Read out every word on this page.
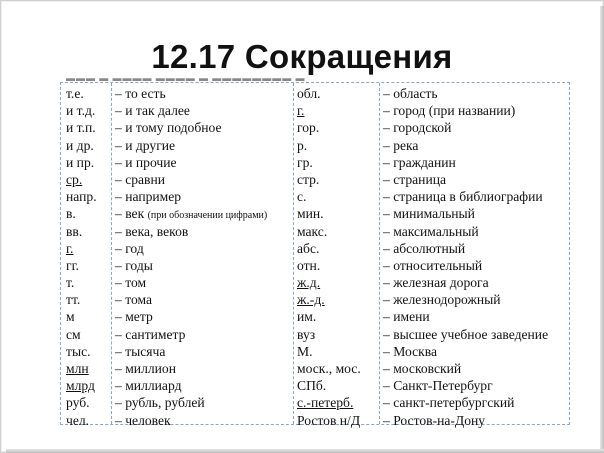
12.17 Сокращения
▬▬▬ ▬ ▬▬▬▬ ▬▬▬▬ ▬ ▬▬▬▬▬▬▬▬ ▬
т.е.
и т.д.
и т.п.
и др.
и пр.
ср.
напр.
в.
вв.
г.
гг.
т.
тт.
м
см
тыс.
млн
млрд
руб.
чел.
– то есть
– и так далее
– и тому подобное
– и другие
– и прочие
– сравни
– например
– век (при обозначении цифрами)
– века, веков
– год
– годы
– том
– тома
– метр
– сантиметр
– тысяча
– миллион
– миллиард
– рубль, рублей
– человек
обл.
г.
гор.
р.
гр.
стр.
с.
мин.
макс.
абс.
отн.
ж.д.
ж.-д.
им.
вуз
М.
моск., мос.
СПб.
с.-петерб.
Ростов н/Д
– область
– город (при названии)
– городской
– река
– гражданин
– страница
– страница в библиографии
– минимальный
– максимальный
– абсолютный
– относительный
– железная дорога
– железнодорожный
– имени
– высшее учебное заведение
– Москва
– московский
– Санкт-Петербург
– санкт-петербургский
– Ростов-на-Дону
